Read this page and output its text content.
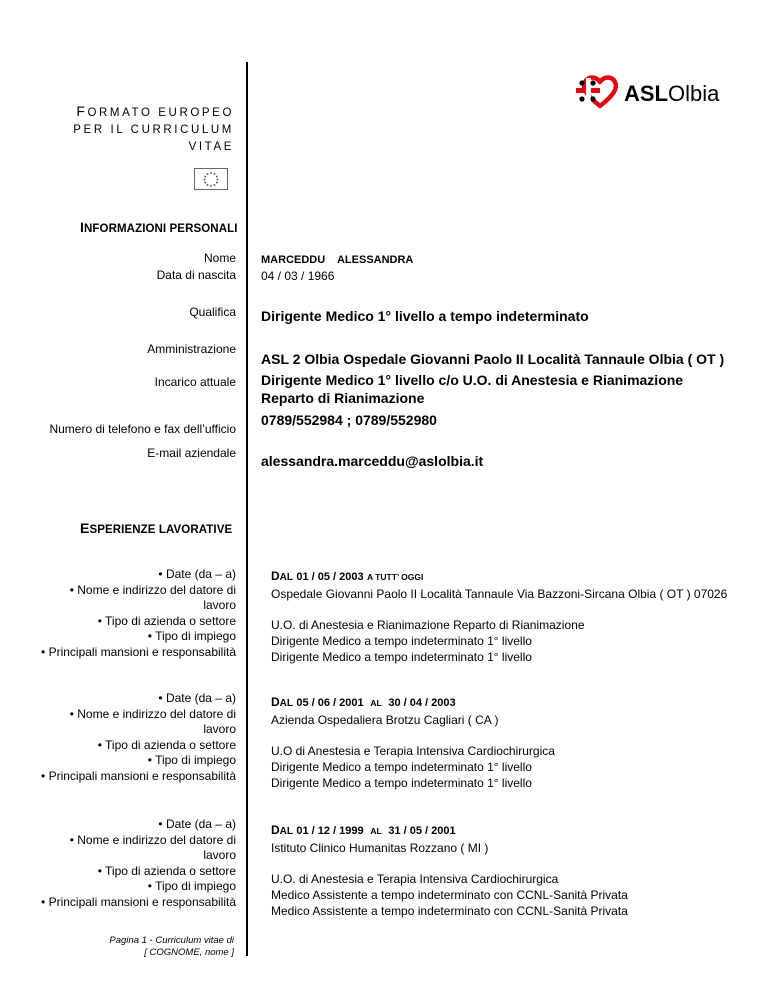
ASLOlbia
FORMATO EUROPEO
PER IL CURRICULUM
VITAE
INFORMAZIONI PERSONALI
Nome MARCEDDU    ALESSANDRA
Data di nascita 04 / 03 / 1966
Qualifica Dirigente Medico 1° livello a tempo indeterminato
Amministrazione
ASL 2 Olbia Ospedale Giovanni Paolo II Località Tannaule Olbia ( OT )
Incarico attuale Dirigente Medico 1° livello c/o U.O. di Anestesia e Rianimazione Reparto di Rianimazione
Numero di telefono e fax dell’ufficio
0789/552984 ; 0789/552980
E-mail aziendale alessandra.marceddu@aslolbia.it
ESPERIENZE LAVORATIVE
• Date (da – a)
• Nome e indirizzo del datore di lavoro
• Tipo di azienda o settore
• Tipo di impiego
• Principali mansioni e responsabilità
DAL 01 / 05 / 2003 A TUTT’ OGGI
Ospedale Giovanni Paolo II Località Tannaule Via Bazzoni-Sircana Olbia ( OT ) 07026
U.O. di Anestesia e Rianimazione Reparto di Rianimazione
Dirigente Medico a tempo indeterminato 1° livello
Dirigente Medico a tempo indeterminato 1° livello
• Date (da – a)
• Nome e indirizzo del datore di lavoro
• Tipo di azienda o settore
• Tipo di impiego
• Principali mansioni e responsabilità
DAL 05 / 06 / 2001 AL 30 / 04 / 2003
Azienda Ospedaliera Brotzu Cagliari ( CA )
U.O di Anestesia e Terapia Intensiva Cardiochirurgica
Dirigente Medico a tempo indeterminato 1° livello
Dirigente Medico a tempo indeterminato 1° livello
• Date (da – a)
• Nome e indirizzo del datore di lavoro
• Tipo di azienda o settore
• Tipo di impiego
• Principali mansioni e responsabilità
DAL 01 / 12 / 1999 AL 31 / 05 / 2001
Istituto Clinico Humanitas Rozzano ( MI )
U.O. di Anestesia e Terapia Intensiva Cardiochirurgica
Medico Assistente a tempo indeterminato con CCNL-Sanità Privata
Medico Assistente a tempo indeterminato con CCNL-Sanità Privata
Pagina 1 - Curriculum vitae di
[ COGNOME, nome ]
